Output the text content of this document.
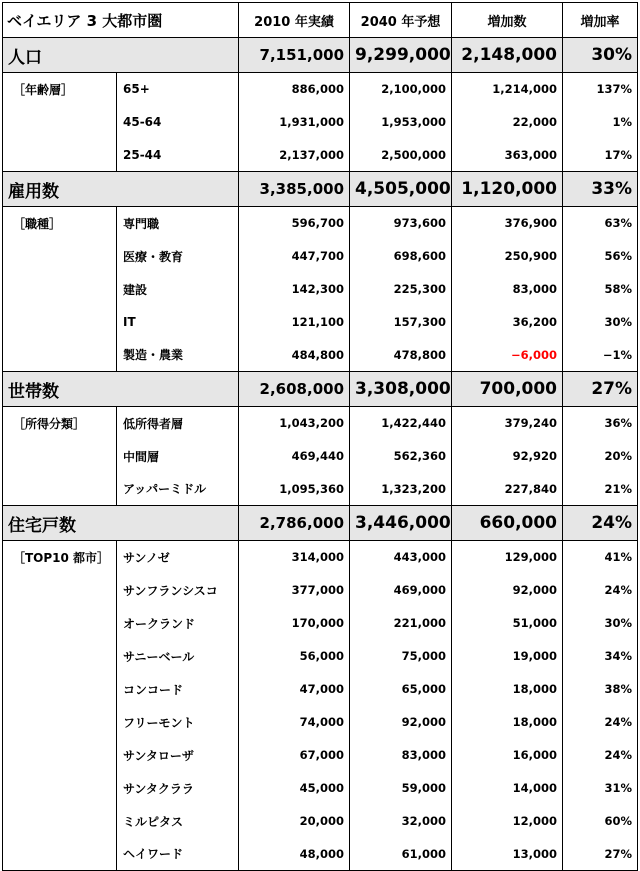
ベイエリア 3 大都市圏		2010 年実績	2040 年予想	増加数	増加率
人口		7,151,000	9,299,000	2,148,000	30%
［年齢層］	65+	886,000	2,100,000	1,214,000	137%
	45-64	1,931,000	1,953,000	22,000	1%
	25-44	2,137,000	2,500,000	363,000	17%
雇用数		3,385,000	4,505,000	1,120,000	33%
［職種］	専門職	596,700	973,600	376,900	63%
	医療・教育	447,700	698,600	250,900	56%
	建設	142,300	225,300	83,000	58%
	IT	121,100	157,300	36,200	30%
	製造・農業	484,800	478,800	−6,000	−1%
世帯数		2,608,000	3,308,000	700,000	27%
［所得分類］	低所得者層	1,043,200	1,422,440	379,240	36%
	中間層	469,440	562,360	92,920	20%
	アッパーミドル	1,095,360	1,323,200	227,840	21%
住宅戸数		2,786,000	3,446,000	660,000	24%
［TOP10 都市］	サンノゼ	314,000	443,000	129,000	41%
	サンフランシスコ	377,000	469,000	92,000	24%
	オークランド	170,000	221,000	51,000	30%
	サニーベール	56,000	75,000	19,000	34%
	コンコード	47,000	65,000	18,000	38%
	フリーモント	74,000	92,000	18,000	24%
	サンタローザ	67,000	83,000	16,000	24%
	サンタクララ	45,000	59,000	14,000	31%
	ミルピタス	20,000	32,000	12,000	60%
	ヘイワード	48,000	61,000	13,000	27%
